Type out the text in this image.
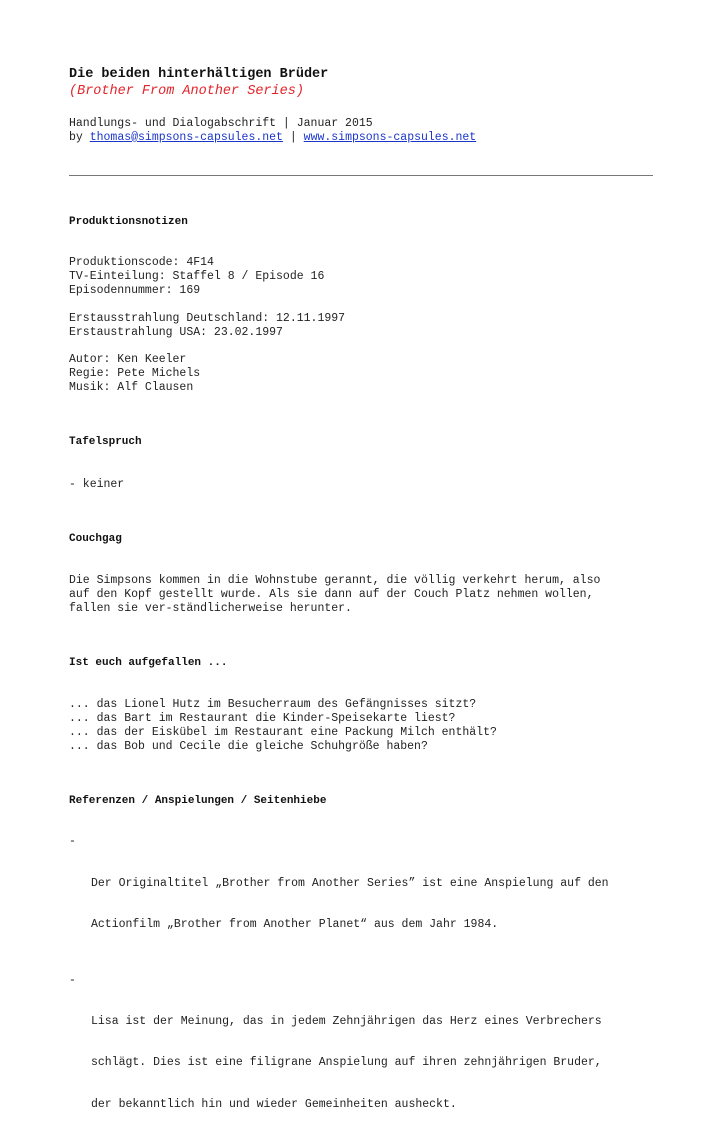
Die beiden hinterhältigen Brüder
(Brother From Another Series)
Handlungs- und Dialogabschrift | Januar 2015
by thomas@simpsons-capsules.net | www.simpsons-capsules.net
Produktionsnotizen
Produktionscode: 4F14
TV-Einteilung: Staffel 8 / Episode 16
Episodennummer: 169
Erstausstrahlung Deutschland: 12.11.1997
Erstaustrahlung USA: 23.02.1997
Autor: Ken Keeler
Regie: Pete Michels
Musik: Alf Clausen
Tafelspruch
- keiner
Couchgag
Die Simpsons kommen in die Wohnstube gerannt, die völlig verkehrt herum, also
auf den Kopf gestellt wurde. Als sie dann auf der Couch Platz nehmen wollen,
fallen sie ver-ständlicherweise herunter.
Ist euch aufgefallen ...
... das Lionel Hutz im Besucherraum des Gefängnisses sitzt?
... das Bart im Restaurant die Kinder-Speisekarte liest?
... das der Eiskübel im Restaurant eine Packung Milch enthält?
... das Bob und Cecile die gleiche Schuhgröße haben?
Referenzen / Anspielungen / Seitenhiebe

-

Der Originaltitel „Brother from Another Series” ist eine Anspielung auf den

Actionfilm „Brother from Another Planet“ aus dem Jahr 1984.

-

Lisa ist der Meinung, das in jedem Zehnjährigen das Herz eines Verbrechers

schlägt. Dies ist eine filigrane Anspielung auf ihren zehnjährigen Bruder,

der bekanntlich hin und wieder Gemeinheiten ausheckt.
